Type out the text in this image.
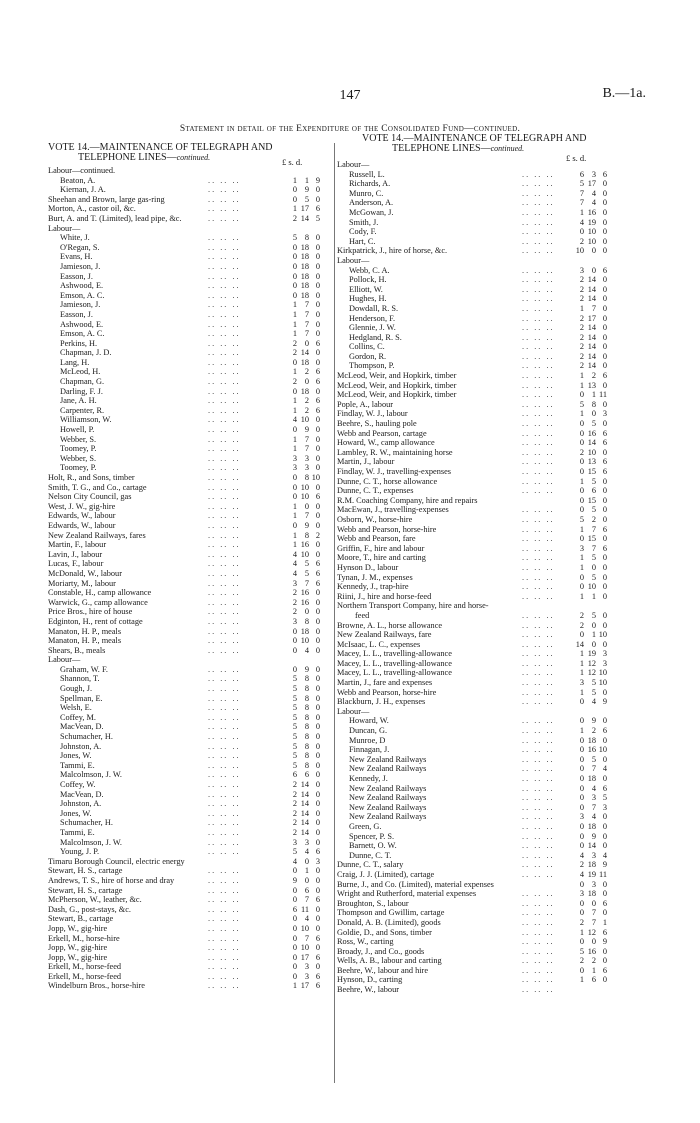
147	B.—1a.
Statement in detail of the Expenditure of the Consolidated Fund—continued.
VOTE 14.—MAINTENANCE OF TELEGRAPH AND
TELEPHONE LINES—continued.	£ s. d.
VOTE 14.—MAINTENANCE OF TELEGRAPH AND
TELEPHONE LINES—continued.
£ s. d.
Labour—continued.
Beaton, A.	.. .. ..	1 1 9
Kiernan, J. A.	.. .. ..	0 9 0
Sheehan and Brown, large gas-ring	.. .. ..	0 5 0
Morton, A., castor oil, &c.	.. .. ..	1 17 6
Burt, A. and T. (Limited), lead pipe, &c.	.. .. ..	2 14 5
Labour—
White, J.	.. .. ..	5 8 0
O'Regan, S.	.. .. ..	0 18 0
Evans, H.	.. .. ..	0 18 0
Jamieson, J.	.. .. ..	0 18 0
Easson, J.	.. .. ..	0 18 0
Ashwood, E.	.. .. ..	0 18 0
Emson, A. C.	.. .. ..	0 18 0
Jamieson, J.	.. .. ..	1 7 0
Easson, J.	.. .. ..	1 7 0
Ashwood, E.	.. .. ..	1 7 0
Emson, A. C.	.. .. ..	1 7 0
Perkins, H.	.. .. ..	2 0 6
Chapman, J. D.	.. .. ..	2 14 0
Lang, H.	.. .. ..	0 18 0
McLeod, H.	.. .. ..	1 2 6
Chapman, G.	.. .. ..	2 0 6
Darling, F. J.	.. .. ..	0 18 0
Jane, A. H.	.. .. ..	1 2 6
Carpenter, R.	.. .. ..	1 2 6
Williamson, W.	.. .. ..	4 10 0
Howell, P.	.. .. ..	0 9 0
Webber, S.	.. .. ..	1 7 0
Toomey, P.	.. .. ..	1 7 0
Webber, S.	.. .. ..	3 3 0
Toomey, P.	.. .. ..	3 3 0
Holt, R., and Sons, timber	.. .. ..	0 8 10
Smith, T. G., and Co., cartage	.. .. ..	0 10 0
Nelson City Council, gas	.. .. ..	0 10 6
West, J. W., gig-hire	.. .. ..	1 0 0
Edwards, W., labour	.. .. ..	1 7 0
Edwards, W., labour	.. .. ..	0 9 0
New Zealand Railways, fares	.. .. ..	1 8 2
Martin, F., labour	.. .. ..	1 16 0
Lavin, J., labour	.. .. ..	4 10 0
Lucas, F., labour	.. .. ..	4 5 6
McDonald, W., labour	.. .. ..	4 5 6
Moriarty, M., labour	.. .. ..	3 7 6
Constable, H., camp allowance	.. .. ..	2 16 0
Warwick, G., camp allowance	.. .. ..	2 16 0
Price Bros., hire of house	.. .. ..	2 0 0
Edginton, H., rent of cottage	.. .. ..	3 8 0
Manaton, H. P., meals	.. .. ..	0 18 0
Manaton, H. P., meals	.. .. ..	0 10 0
Shears, B., meals	.. .. ..	0 4 0
Labour—
Graham, W. F.	.. .. ..	0 9 0
Shannon, T.	.. .. ..	5 8 0
Gough, J.	.. .. ..	5 8 0
Spellman, E.	.. .. ..	5 8 0
Welsh, E.	.. .. ..	5 8 0
Coffey, M.	.. .. ..	5 8 0
MacVean, D.	.. .. ..	5 8 0
Schumacher, H.	.. .. ..	5 8 0
Johnston, A.	.. .. ..	5 8 0
Jones, W.	.. .. ..	5 8 0
Tammi, E.	.. .. ..	5 8 0
Malcolmson, J. W.	.. .. ..	6 6 0
Coffey, W.	.. .. ..	2 14 0
MacVean, D.	.. .. ..	2 14 0
Johnston, A.	.. .. ..	2 14 0
Jones, W.	.. .. ..	2 14 0
Schumacher, H.	.. .. ..	2 14 0
Tammi, E.	.. .. ..	2 14 0
Malcolmson, J. W.	.. .. ..	3 3 0
Young, J. P.	.. .. ..	5 4 6
Timaru Borough Council, electric energy	4 0 3
Stewart, H. S., cartage	.. .. ..	0 1 0
Andrews, T. S., hire of horse and dray	.. .. ..	9 0 0
Stewart, H. S., cartage	.. .. ..	0 6 0
McPherson, W., leather, &c.	.. .. ..	0 7 6
Dash, G., post-stays, &c.	.. .. ..	6 11 0
Stewart, B., cartage	.. .. ..	0 4 0
Jopp, W., gig-hire	.. .. ..	0 10 0
Erkell, M., horse-hire	.. .. ..	0 7 6
Jopp, W., gig-hire	.. .. ..	0 10 0
Jopp, W., gig-hire	.. .. ..	0 17 6
Erkell, M., horse-feed	.. .. ..	0 3 0
Erkell, M., horse-feed	.. .. ..	0 3 6
Windelburn Bros., horse-hire	.. .. ..	1 17 6
Labour—
Russell, L.	.. .. ..	6 3 6
Richards, A.	.. .. ..	5 17 0
Munro, C.	.. .. ..	7 4 0
Anderson, A.	.. .. ..	7 4 0
McGowan, J.	.. .. ..	1 16 0
Smith, J.	.. .. ..	4 19 0
Cody, F.	.. .. ..	0 10 0
Hart, C.	.. .. ..	2 10 0
Kirkpatrick, J., hire of horse, &c.	.. .. ..	10 0 0
Labour—
Webb, C. A.	.. .. ..	3 0 6
Pollock, H.	.. .. ..	2 14 0
Elliott, W.	.. .. ..	2 14 0
Hughes, H.	.. .. ..	2 14 0
Dowdall, R. S.	.. .. ..	1 7 0
Henderson, F.	.. .. ..	2 17 0
Glennie, J. W.	.. .. ..	2 14 0
Hedgland, R. S.	.. .. ..	2 14 0
Collins, C.	.. .. ..	2 14 0
Gordon, R.	.. .. ..	2 14 0
Thompson, P.	.. .. ..	2 14 0
McLeod, Weir, and Hopkirk, timber	.. .. ..	1 2 6
McLeod, Weir, and Hopkirk, timber	.. .. ..	1 13 0
McLeod, Weir, and Hopkirk, timber	.. .. ..	0 1 11
Pople, A., labour	.. .. ..	5 8 0
Findlay, W. J., labour	.. .. ..	1 0 3
Beehre, S., hauling pole	.. .. ..	0 5 0
Webb and Pearson, cartage	.. .. ..	0 16 6
Howard, W., camp allowance	.. .. ..	0 14 6
Lambley, R. W., maintaining horse	.. .. ..	2 10 0
Martin, J., labour	.. .. ..	0 13 6
Findlay, W. J., travelling-expenses	.. .. ..	0 15 6
Dunne, C. T., horse allowance	.. .. ..	1 5 0
Dunne, C. T., expenses	.. .. ..	0 6 0
R.M. Coaching Company, hire and repairs	0 15 0
MacEwan, J., travelling-expenses	.. .. ..	0 5 0
Osborn, W., horse-hire	.. .. ..	5 2 0
Webb and Pearson, horse-hire	.. .. ..	1 7 6
Webb and Pearson, fare	.. .. ..	0 15 0
Griffin, F., hire and labour	.. .. ..	3 7 6
Moore, T., hire and carting	.. .. ..	1 5 0
Hynson D., labour	.. .. ..	1 0 0
Tynan, J. M., expenses	.. .. ..	0 5 0
Kennedy, J., trap-hire	.. .. ..	0 10 0
Riini, J., hire and horse-feed	.. .. ..	1 1 0
Northern Transport Company, hire and horse-
feed	.. .. ..	2 5 0
Browne, A. L., horse allowance	.. .. ..	2 0 0
New Zealand Railways, fare	.. .. ..	0 1 10
McIsaac, L. C., expenses	.. .. ..	14 0 0
Macey, L. L., travelling-allowance	.. .. ..	1 19 3
Macey, L. L., travelling-allowance	.. .. ..	1 12 3
Macey, L. L., travelling-allowance	.. .. ..	1 12 10
Martin, J., fare and expenses	.. .. ..	3 5 10
Webb and Pearson, horse-hire	.. .. ..	1 5 0
Blackburn, J. H., expenses	.. .. ..	0 4 9
Labour—
Howard, W.	.. .. ..	0 9 0
Duncan, G.	.. .. ..	1 2 6
Munroe, D	.. .. ..	0 18 0
Finnagan, J.	.. .. ..	0 16 10
New Zealand Railways	.. .. ..	0 5 0
New Zealand Railways	.. .. ..	0 7 4
Kennedy, J.	.. .. ..	0 18 0
New Zealand Railways	.. .. ..	0 4 6
New Zealand Railways	.. .. ..	0 3 5
New Zealand Railways	.. .. ..	0 7 3
New Zealand Railways	.. .. ..	3 4 0
Green, G.	.. .. ..	0 18 0
Spencer, P. S.	.. .. ..	0 9 0
Barnett, O. W.	.. .. ..	0 14 0
Dunne, C. T.	.. .. ..	4 3 4
Dunne, C. T., salary	.. .. ..	2 18 9
Craig, J. J. (Limited), cartage	.. .. ..	4 19 11
Burne, J., and Co. (Limited), material expenses	0 3 0
Wright and Rutherford, material expenses	.. .. ..	3 18 0
Broughton, S., labour	.. .. ..	0 0 6
Thompson and Gwillim, cartage	.. .. ..	0 7 0
Donald, A. B. (Limited), goods	.. .. ..	2 7 1
Goldie, D., and Sons, timber	.. .. ..	1 12 6
Ross, W., carting	.. .. ..	0 0 9
Broady, J., and Co., goods	.. .. ..	5 16 0
Wells, A. B., labour and carting	.. .. ..	2 2 0
Beehre, W., labour and hire	.. .. ..	0 1 6
Hynson, D., carting	.. .. ..	1 6 0
Beehre, W., labour	.. .. ..
